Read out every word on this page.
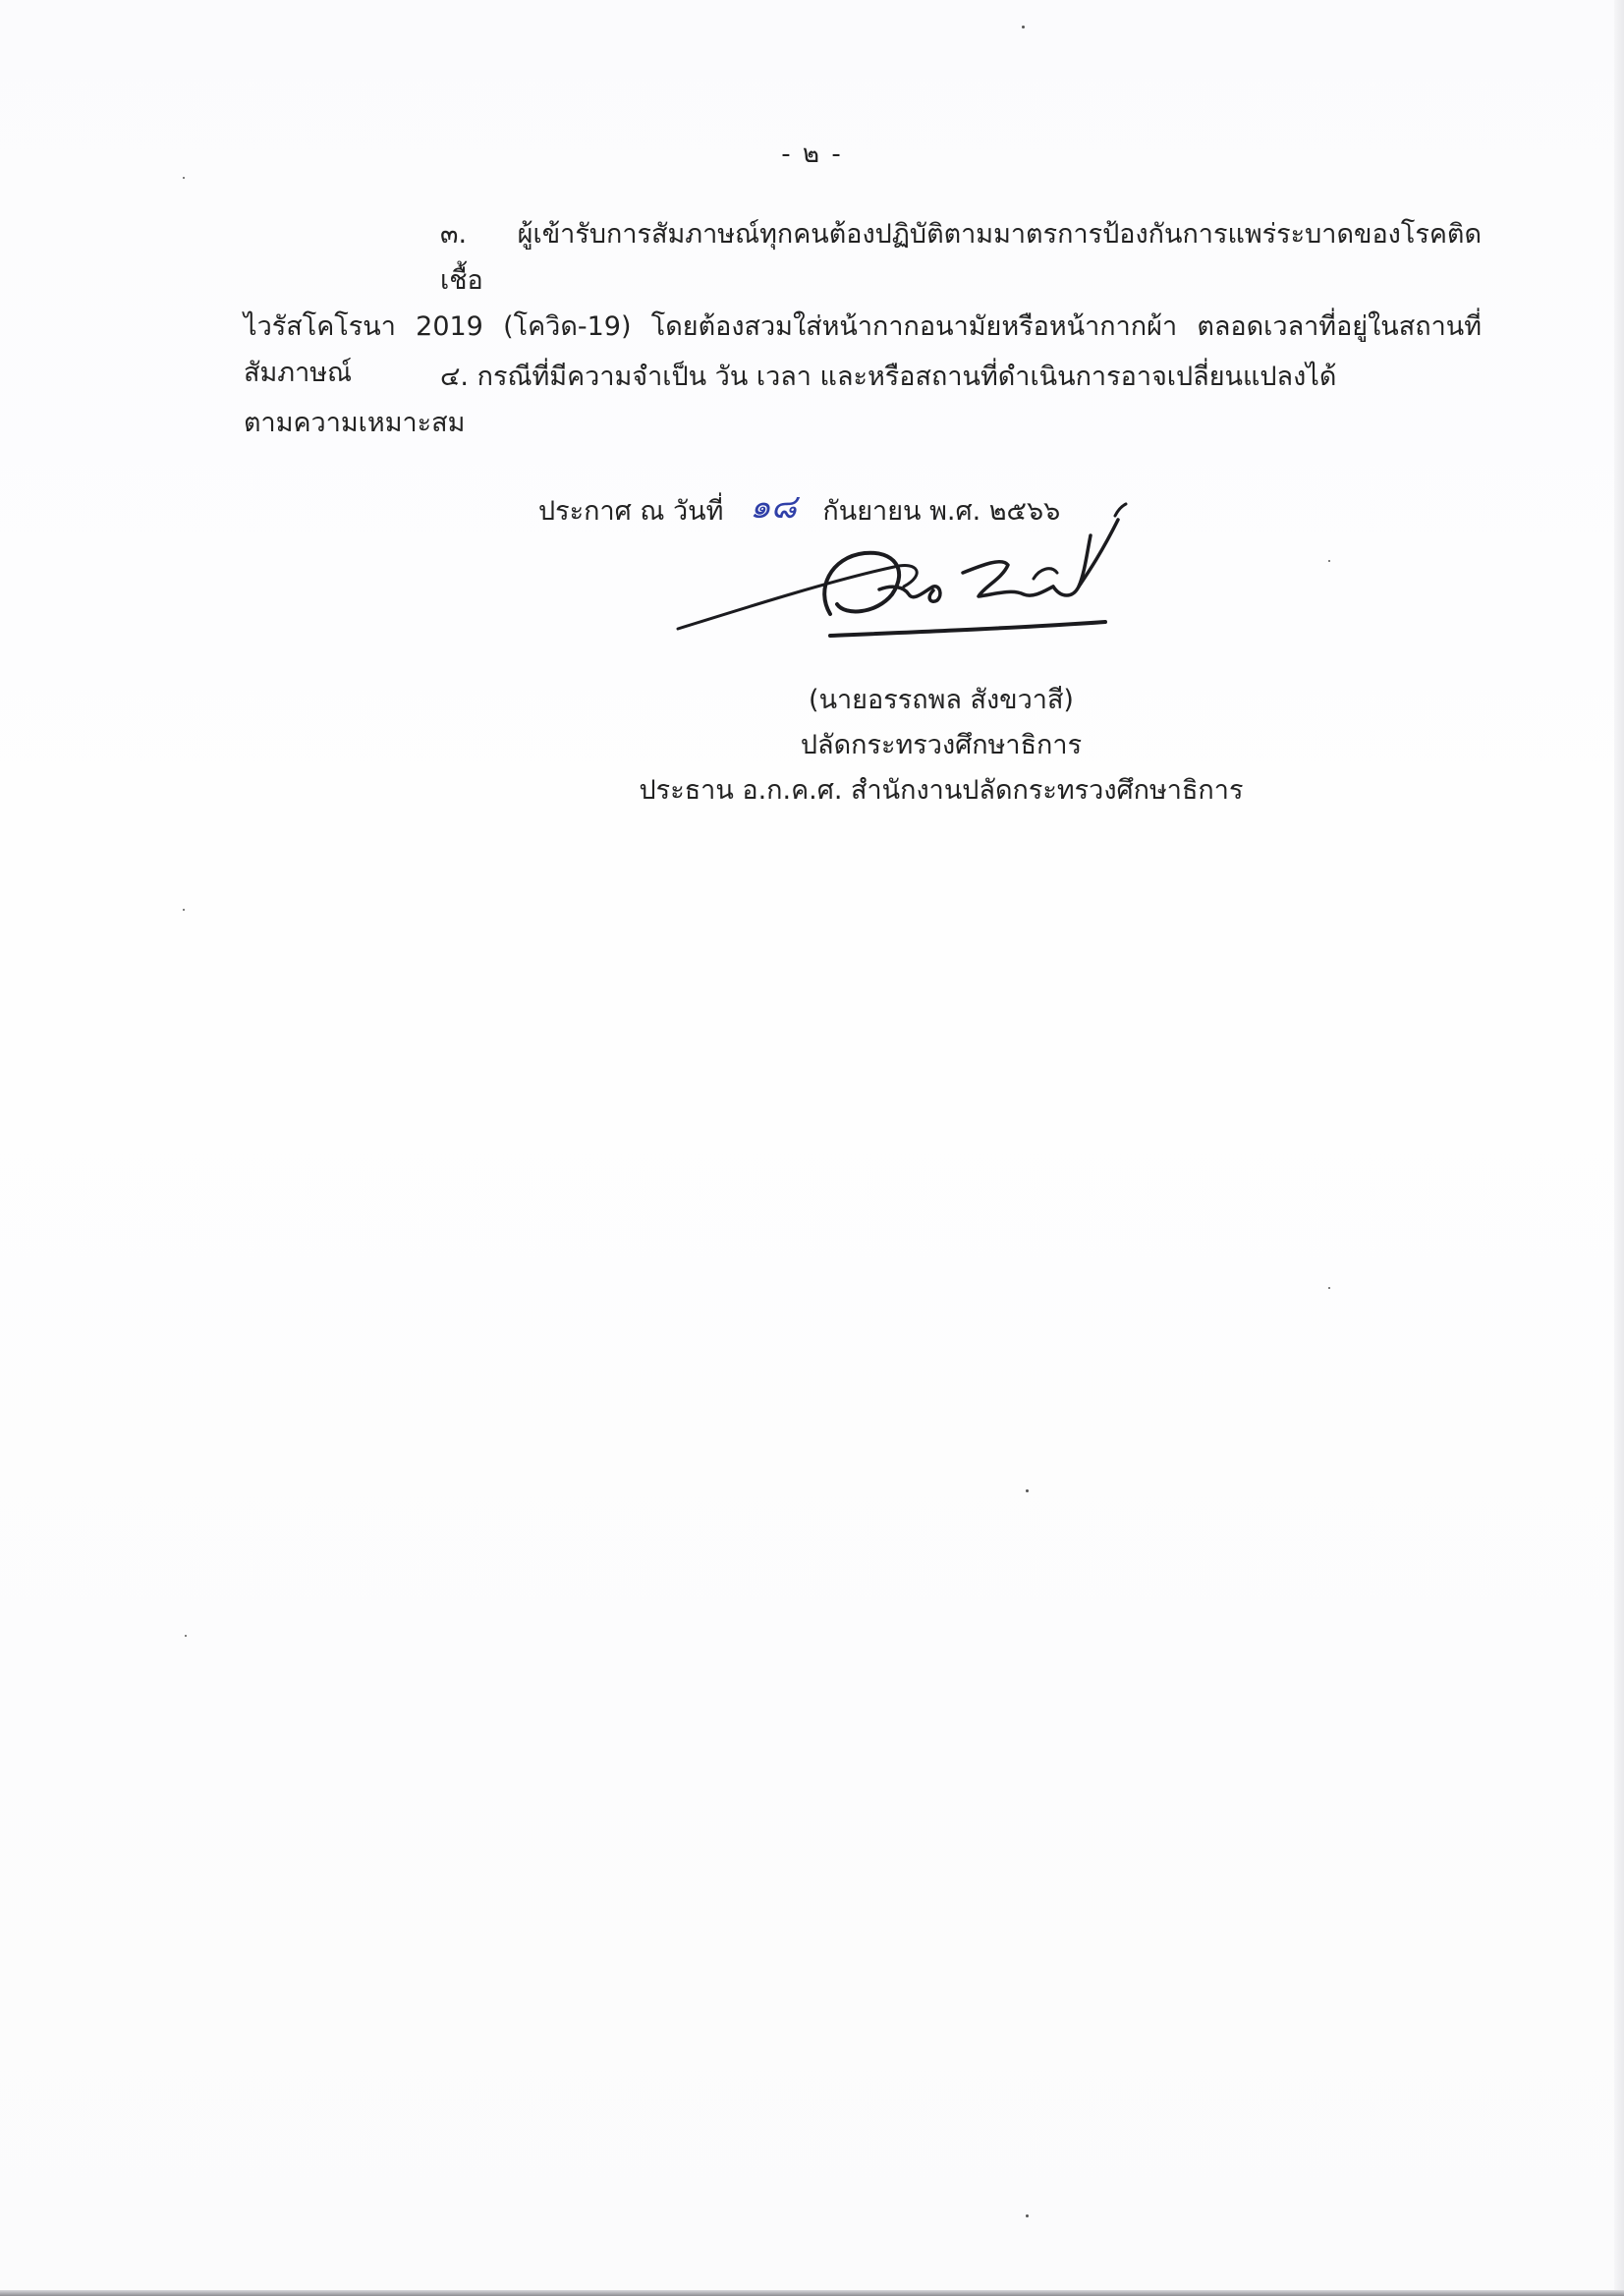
- ๒ -
๓. ผู้เข้ารับการสัมภาษณ์ทุกคนต้องปฏิบัติตามมาตรการป้องกันการแพร่ระบาดของโรคติดเชื้อ
ไวรัสโคโรนา 2019 (โควิด-19) โดยต้องสวมใส่หน้ากากอนามัยหรือหน้ากากผ้า ตลอดเวลาที่อยู่ในสถานที่
สัมภาษณ์	๔. กรณีที่มีความจำเป็น วัน เวลา และหรือสถานที่ดำเนินการอาจเปลี่ยนแปลงได้
ตามความเหมาะสม
ประกาศ ณ วันที่ ๑๘ กันยายน พ.ศ. ๒๕๖๖
(นายอรรถพล สังขวาสี)
ปลัดกระทรวงศึกษาธิการ
ประธาน อ.ก.ค.ศ. สำนักงานปลัดกระทรวงศึกษาธิการ
